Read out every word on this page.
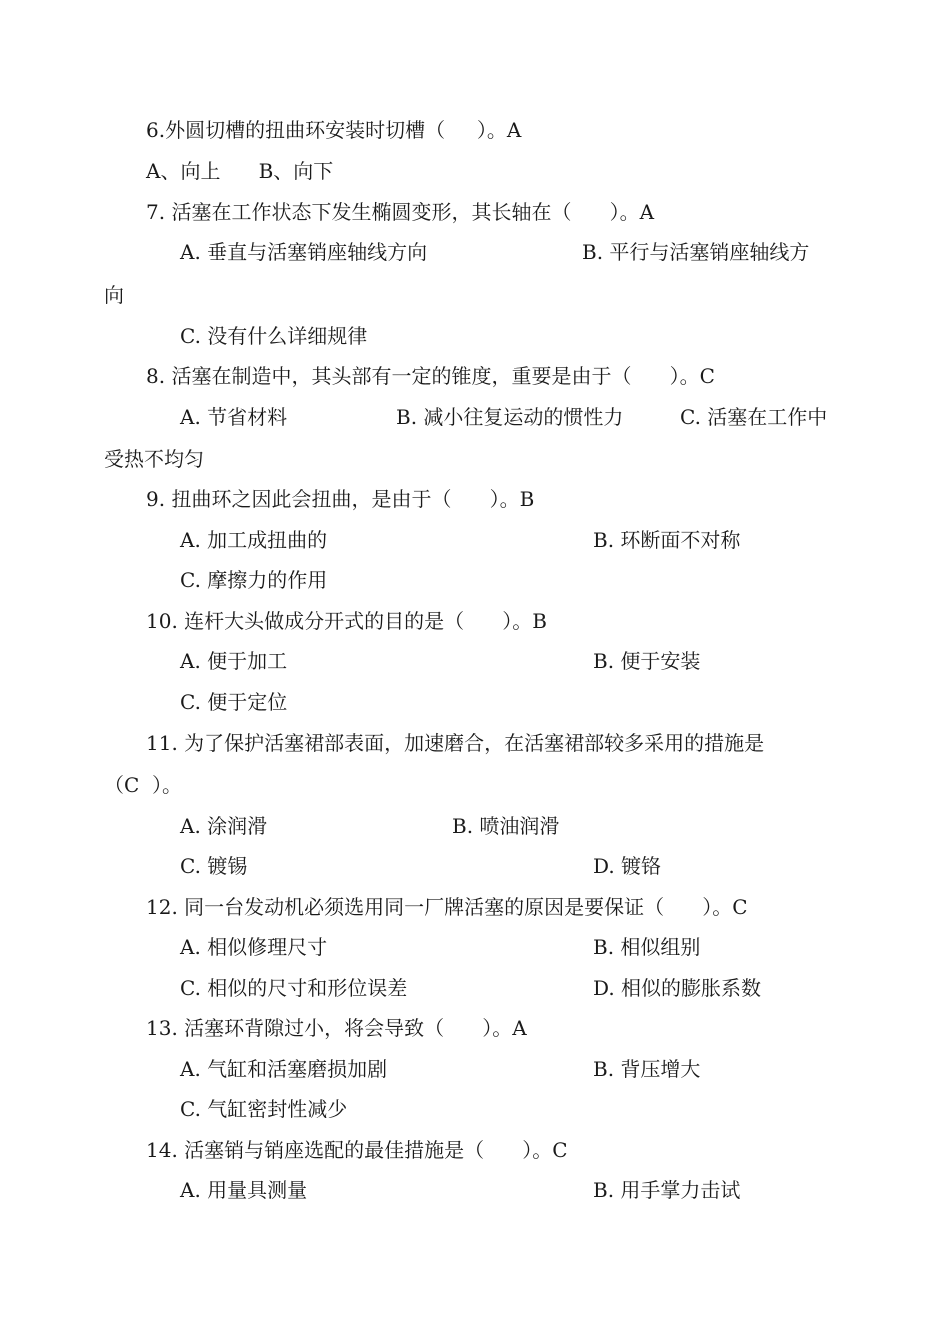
6.外圆切槽的扭曲环安装时切槽（     ）。A
A、向上      B、向下
7. 活塞在工作状态下发生椭圆变形，其长轴在（      ）。A
A. 垂直与活塞销座轴线方向	B. 平行与活塞销座轴线方
向
C. 没有什么详细规律
8. 活塞在制造中，其头部有一定的锥度，重要是由于（      ）。C
A. 节省材料	B. 减小往复运动的惯性力	C. 活塞在工作中
受热不均匀
9. 扭曲环之因此会扭曲，是由于（      ）。B
A. 加工成扭曲的	B. 环断面不对称
C. 摩擦力的作用
10. 连杆大头做成分开式的目的是（      ）。B
A. 便于加工	B. 便于安装
C. 便于定位
11. 为了保护活塞裙部表面，加速磨合，在活塞裙部较多采用的措施是
（C  ）。
A. 涂润滑	B. 喷油润滑
C. 镀锡	D. 镀铬
12. 同一台发动机必须选用同一厂牌活塞的原因是要保证（      ）。C
A. 相似修理尺寸	B. 相似组别
C. 相似的尺寸和形位误差	D. 相似的膨胀系数
13. 活塞环背隙过小，将会导致（      ）。A
A. 气缸和活塞磨损加剧	B. 背压增大
C. 气缸密封性减少
14. 活塞销与销座选配的最佳措施是（      ）。C
A. 用量具测量	B. 用手掌力击试
